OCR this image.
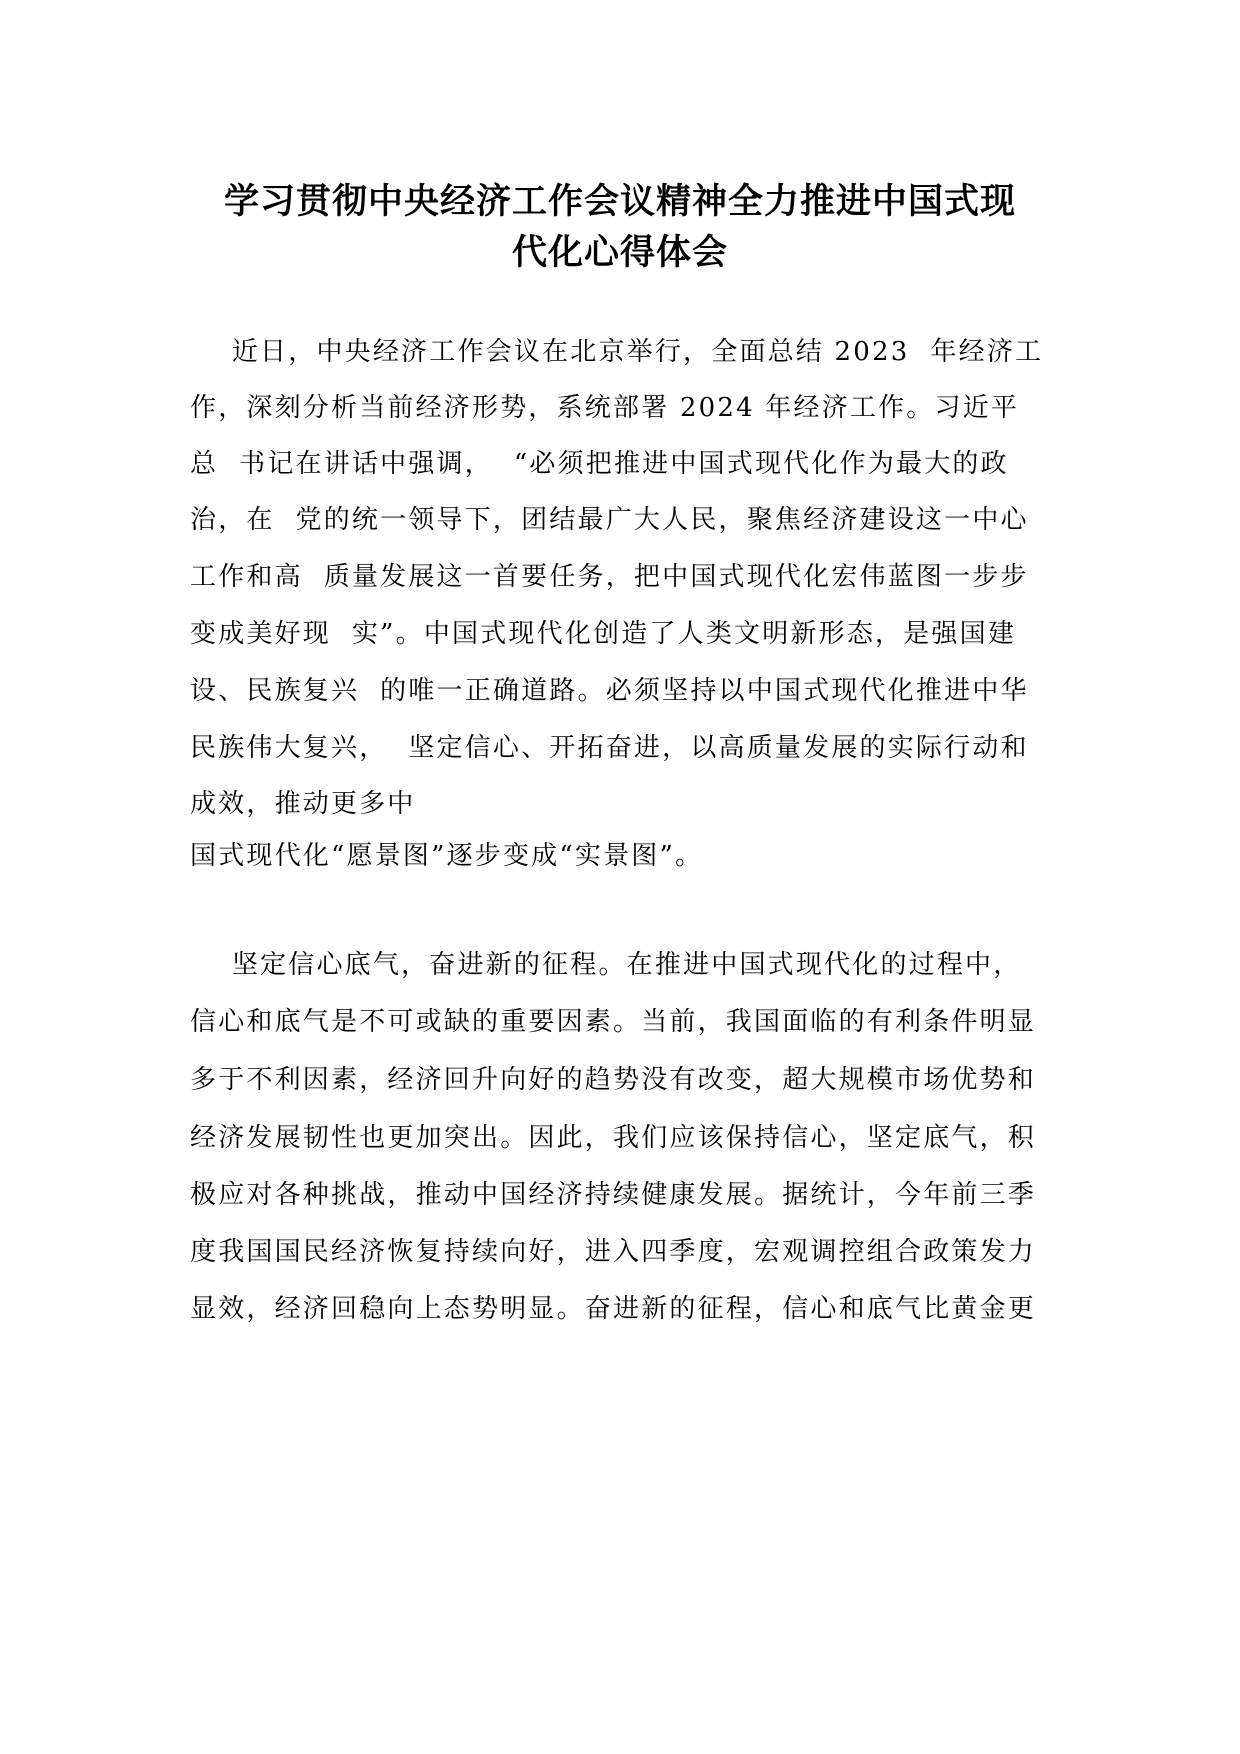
学习贯彻中央经济工作会议精神全力推进中国式现
代化心得体会

近日，中央经济工作会议在北京举行，全面总结 2023  年经济工

作，深刻分析当前经济形势，系统部署 2024 年经济工作。习近平

总  书记在讲话中强调，  “必须把推进中国式现代化作为最大的政

治，在  党的统一领导下，团结最广大人民，聚焦经济建设这一中心

工作和高  质量发展这一首要任务，把中国式现代化宏伟蓝图一步步

变成美好现  实”。中国式现代化创造了人类文明新形态，是强国建

设、民族复兴  的唯一正确道路。必须坚持以中国式现代化推进中华

民族伟大复兴，  坚定信心、开拓奋进，以高质量发展的实际行动和

成效，推动更多中

国式现代化“愿景图”逐步变成“实景图”。

坚定信心底气，奋进新的征程。在推进中国式现代化的过程中，

信心和底气是不可或缺的重要因素。当前，我国面临的有利条件明显

多于不利因素，经济回升向好的趋势没有改变，超大规模市场优势和

经济发展韧性也更加突出。因此，我们应该保持信心，坚定底气，积

极应对各种挑战，推动中国经济持续健康发展。据统计，今年前三季

度我国国民经济恢复持续向好，进入四季度，宏观调控组合政策发力

显效，经济回稳向上态势明显。奋进新的征程，信心和底气比黄金更
